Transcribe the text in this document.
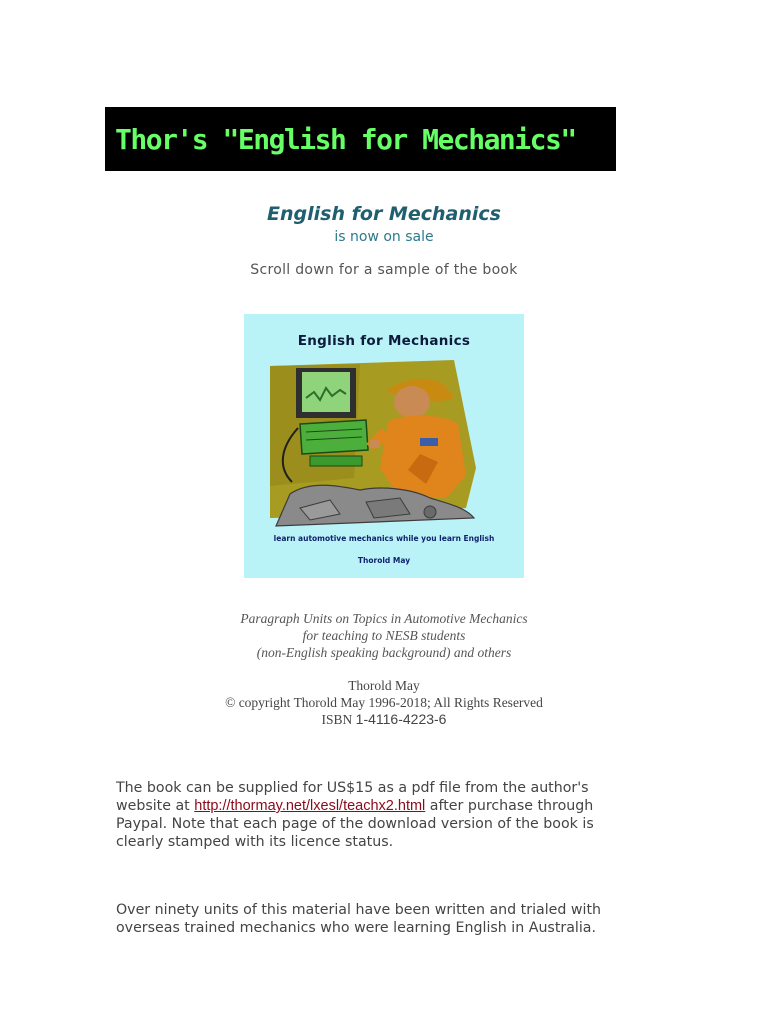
Thor's "English for Mechanics"
English for Mechanics
is now on sale
Scroll down for a sample of the book
English for Mechanics
learn automotive mechanics while you learn English
Thorold May
Paragraph Units on Topics in Automotive Mechanics
for teaching to NESB students
(non-English speaking background) and others
Thorold May
© copyright Thorold May 1996-2018; All Rights Reserved
ISBN 1-4116-4223-6
The book can be supplied for US$15 as a pdf file from the author's
website at http://thormay.net/lxesl/teachx2.html after purchase through
Paypal. Note that each page of the download version of the book is
clearly stamped with its licence status.
Over ninety units of this material have been written and trialed with
overseas trained mechanics who were learning English in Australia.
